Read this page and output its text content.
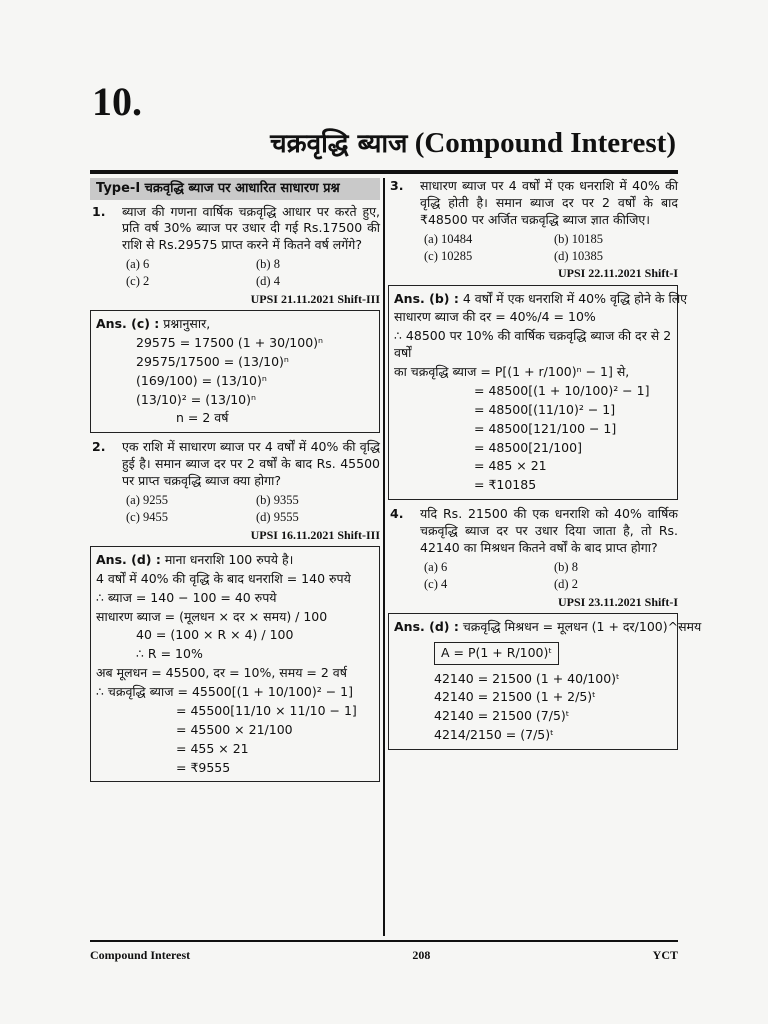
10.
चक्रवृद्धि ब्याज (Compound Interest)
Type-I चक्रवृद्धि ब्याज पर आधारित साधारण प्रश्न
1. ब्याज की गणना वार्षिक चक्रवृद्धि आधार पर करते हुए, प्रति वर्ष 30% ब्याज पर उधार दी गई Rs.17500 की राशि से Rs.29575 प्राप्त करने में कितने वर्ष लगेंगे?
(a) 6	(b) 8
(c) 2	(d) 4
UPSI 21.11.2021 Shift-III
Ans. (c) : प्रश्नानुसार,
29575 = 17500 (1 + 30/100)ⁿ
29575/17500 = (13/10)ⁿ
(169/100) = (13/10)ⁿ
(13/10)² = (13/10)ⁿ
n = 2 वर्ष
2. एक राशि में साधारण ब्याज पर 4 वर्षों में 40% की वृद्धि हुई है। समान ब्याज दर पर 2 वर्षों के बाद Rs. 45500 पर प्राप्त चक्रवृद्धि ब्याज क्या होगा?
(a) 9255	(b) 9355
(c) 9455	(d) 9555
UPSI 16.11.2021 Shift-III
Ans. (d) : माना धनराशि 100 रुपये है।
4 वर्षों में 40% की वृद्धि के बाद धनराशि = 140 रुपये
∴ ब्याज = 140 − 100 = 40 रुपये
साधारण ब्याज = (मूलधन × दर × समय) / 100
40 = (100 × R × 4) / 100
∴ R = 10%
अब मूलधन = 45500, दर = 10%, समय = 2 वर्ष
∴ चक्रवृद्धि ब्याज = 45500[(1 + 10/100)² − 1]
= 45500[11/10 × 11/10 − 1]
= 45500 × 21/100
= 455 × 21
= ₹9555
3. साधारण ब्याज पर 4 वर्षों में एक धनराशि में 40% की वृद्धि होती है। समान ब्याज दर पर 2 वर्षों के बाद ₹48500 पर अर्जित चक्रवृद्धि ब्याज ज्ञात कीजिए।
(a) 10484	(b) 10185
(c) 10285	(d) 10385
UPSI 22.11.2021 Shift-I
Ans. (b) : 4 वर्षों में एक धनराशि में 40% वृद्धि होने के लिए
साधारण ब्याज की दर = 40%/4 = 10%
∴ 48500 पर 10% की वार्षिक चक्रवृद्धि ब्याज की दर से 2 वर्षों
का चक्रवृद्धि ब्याज = P[(1 + r/100)ⁿ − 1] से,
= 48500[(1 + 10/100)² − 1]
= 48500[(11/10)² − 1]
= 48500[121/100 − 1]
= 48500[21/100]
= 485 × 21
= ₹10185
4. यदि Rs. 21500 की एक धनराशि को 40% वार्षिक चक्रवृद्धि ब्याज दर पर उधार दिया जाता है, तो Rs. 42140 का मिश्रधन कितने वर्षों के बाद प्राप्त होगा?
(a) 6	(b) 8
(c) 4	(d) 2
UPSI 23.11.2021 Shift-I
Ans. (d) : चक्रवृद्धि मिश्रधन = मूलधन (1 + दर/100)^समय
A = P(1 + R/100)ᵗ
42140 = 21500 (1 + 40/100)ᵗ
42140 = 21500 (1 + 2/5)ᵗ
42140 = 21500 (7/5)ᵗ
4214/2150 = (7/5)ᵗ
Compound Interest	208	YCT
